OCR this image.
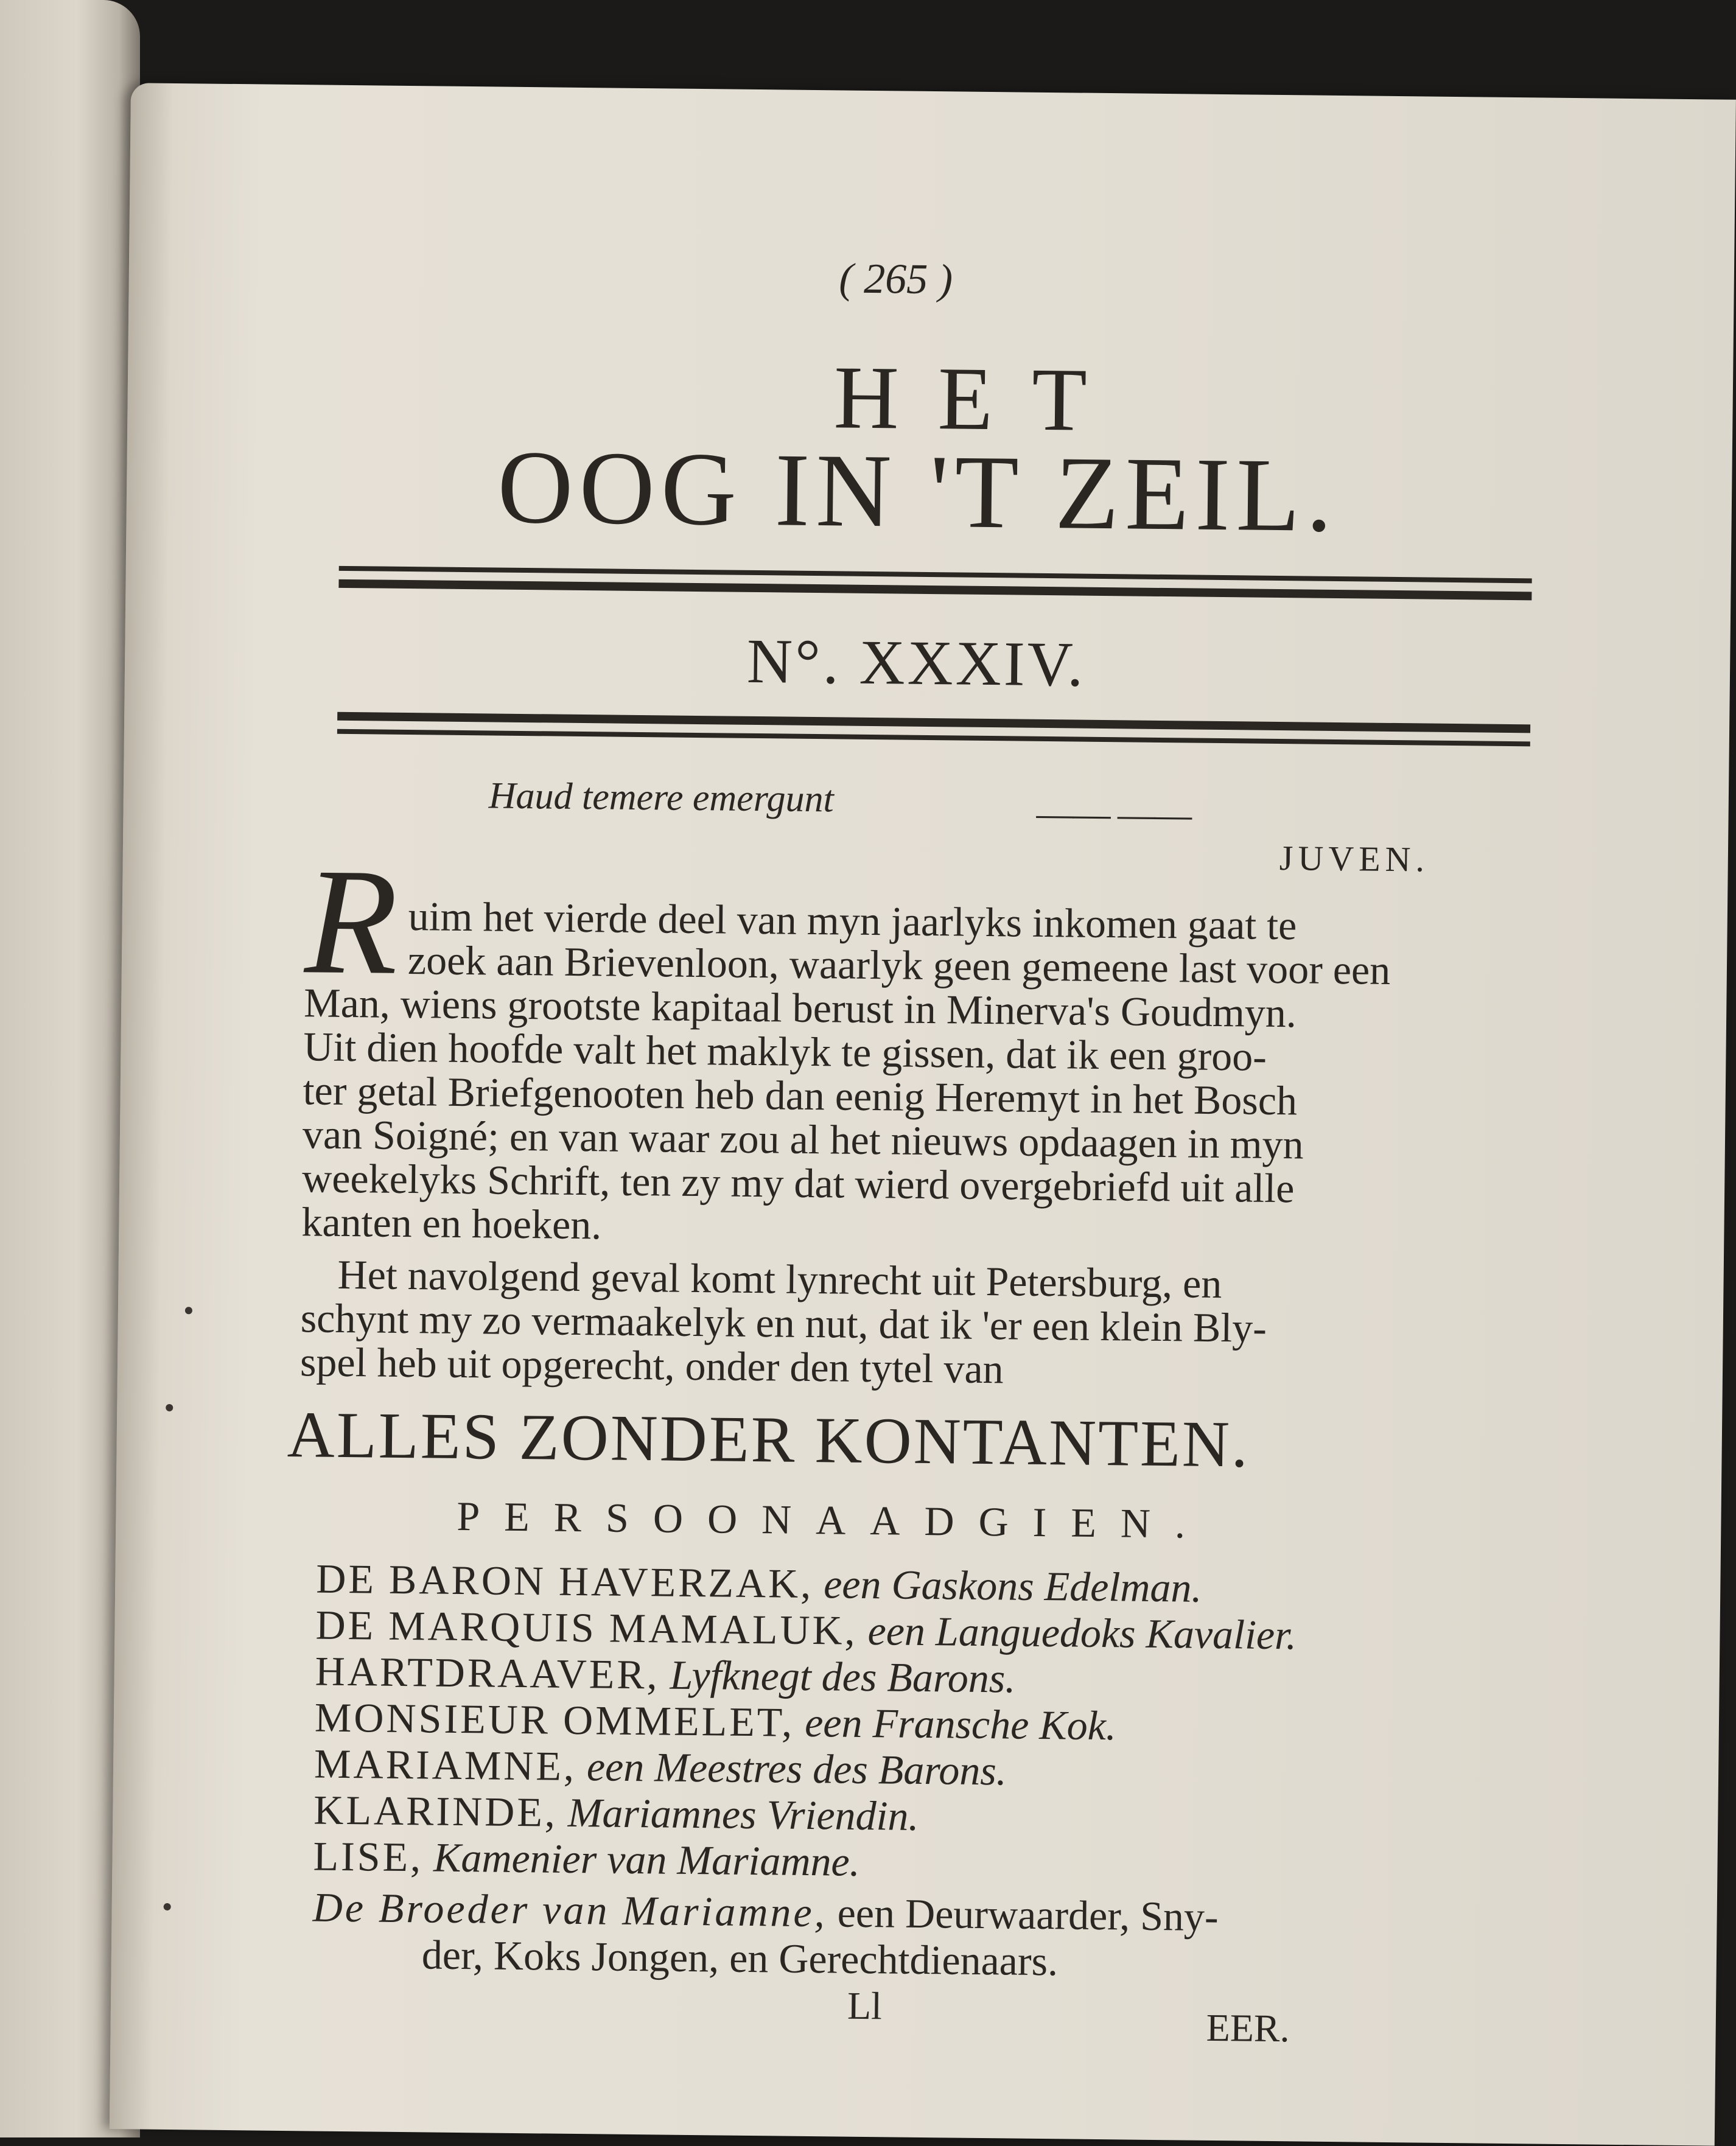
( 265 )
HET
OOG IN 'T ZEIL.
N°. XXXIV.
Haud temere emergunt	—— ——
JUVEN.
R uim het vierde deel van myn jaarlyks inkomen gaat te
zoek aan Brievenloon, waarlyk geen gemeene last voor een
Man, wiens grootste kapitaal berust in Minerva's Goudmyn.
Uit dien hoofde valt het maklyk te gissen, dat ik een groo-
ter getal Briefgenooten heb dan eenig Heremyt in het Bosch
van Soigné; en van waar zou al het nieuws opdaagen in myn
weekelyks Schrift, ten zy my dat wierd overgebriefd uit alle
kanten en hoeken.
Het navolgend geval komt lynrecht uit Petersburg, en
schynt my zo vermaakelyk en nut, dat ik 'er een klein Bly-
spel heb uit opgerecht, onder den tytel van
ALLES ZONDER KONTANTEN.
PERSOONAADGIEN.
DE BARON HAVERZAK, een Gaskons Edelman.
DE MARQUIS MAMALUK, een Languedoks Kavalier.
HARTDRAAVER, Lyfknegt des Barons.
MONSIEUR OMMELET, een Fransche Kok.
MARIAMNE, een Meestres des Barons.
KLARINDE, Mariamnes Vriendin.
LISE, Kamenier van Mariamne.
De Broeder van Mariamne, een Deurwaarder, Sny-
der, Koks Jongen, en Gerechtdienaars.
Ll
EER.
